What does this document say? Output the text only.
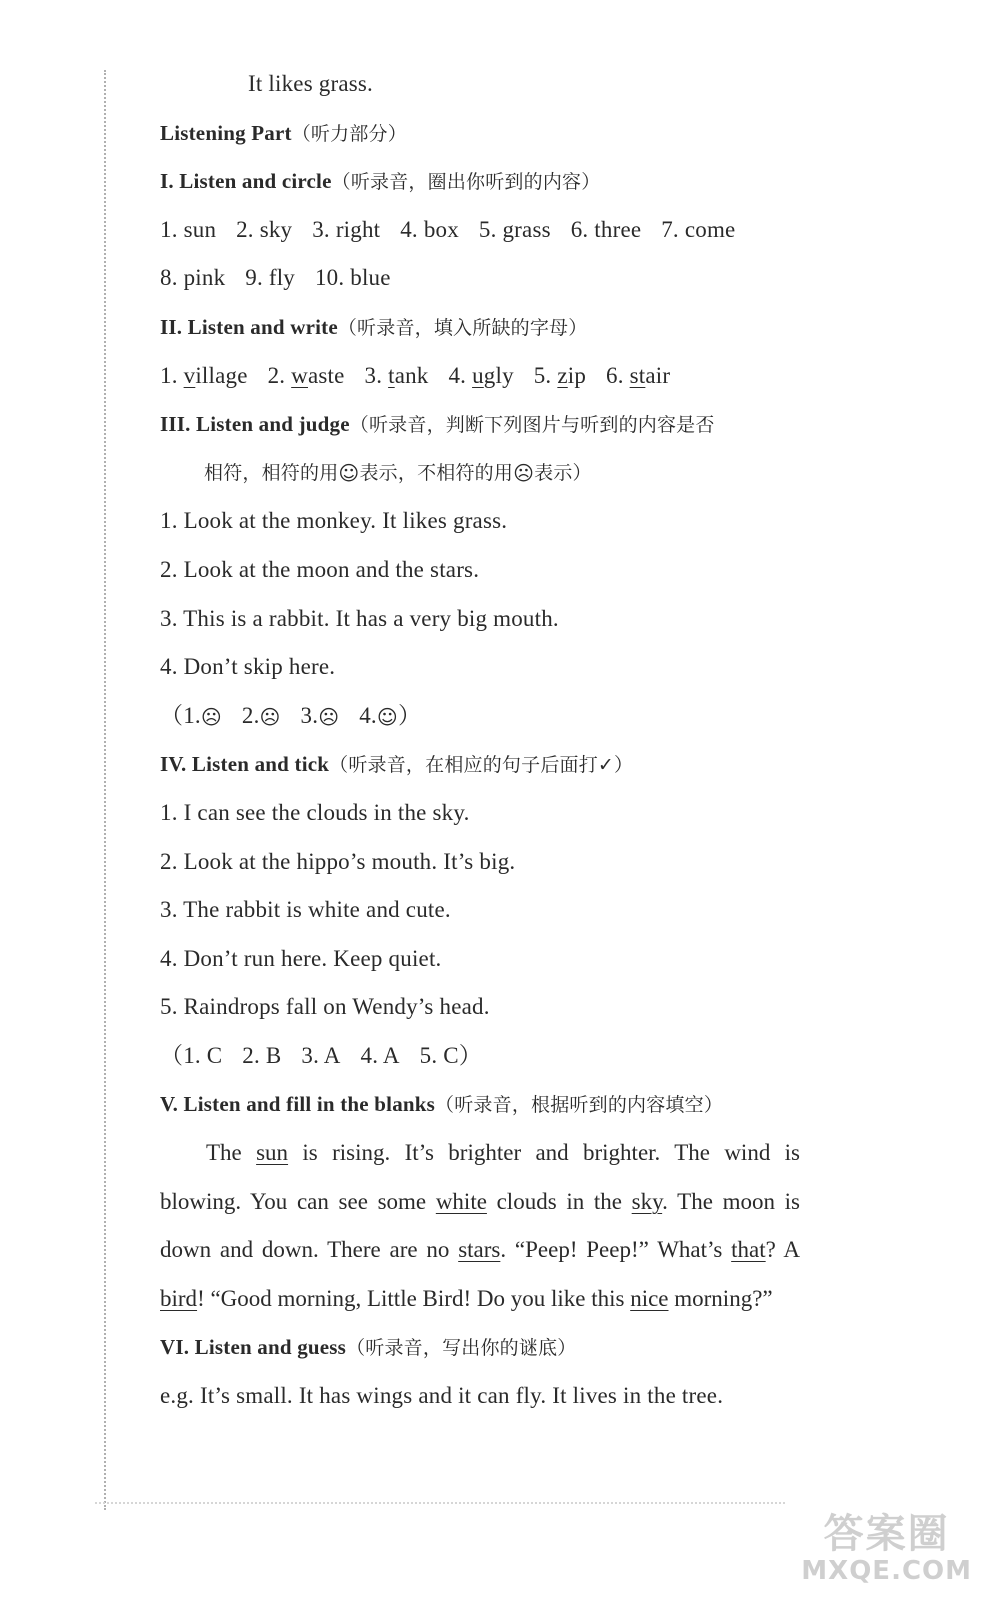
It likes grass.
Listening Part（听力部分）
I. Listen and circle（听录音，圈出你听到的内容）
1. sun 2. sky 3. right 4. box 5. grass 6. three 7. come
8. pink 9. fly 10. blue
II. Listen and write（听录音，填入所缺的字母）
1. village 2. waste 3. tank 4. ugly 5. zip 6. stair
III. Listen and judge（听录音，判断下列图片与听到的内容是否
相符，相符的用☺表示，不相符的用☹表示）
1. Look at the monkey. It likes grass.
2. Look at the moon and the stars.
3. This is a rabbit. It has a very big mouth.
4. Don’t skip here.
（1.☹ 2.☹ 3.☹ 4.☺）
IV. Listen and tick（听录音，在相应的句子后面打✓）
1. I can see the clouds in the sky.
2. Look at the hippo’s mouth. It’s big.
3. The rabbit is white and cute.
4. Don’t run here. Keep quiet.
5. Raindrops fall on Wendy’s head.
（1. C 2. B 3. A 4. A 5. C）
V. Listen and fill in the blanks（听录音，根据听到的内容填空）
The sun is rising. It’s brighter and brighter. The wind is blowing. You can see some white clouds in the sky. The moon is down and down. There are no stars. “Peep! Peep!” What’s that? A bird! “Good morning, Little Bird! Do you like this nice morning?”
VI. Listen and guess（听录音，写出你的谜底）
e.g. It’s small. It has wings and it can fly. It lives in the tree.
答案圈
MXQE.COM
